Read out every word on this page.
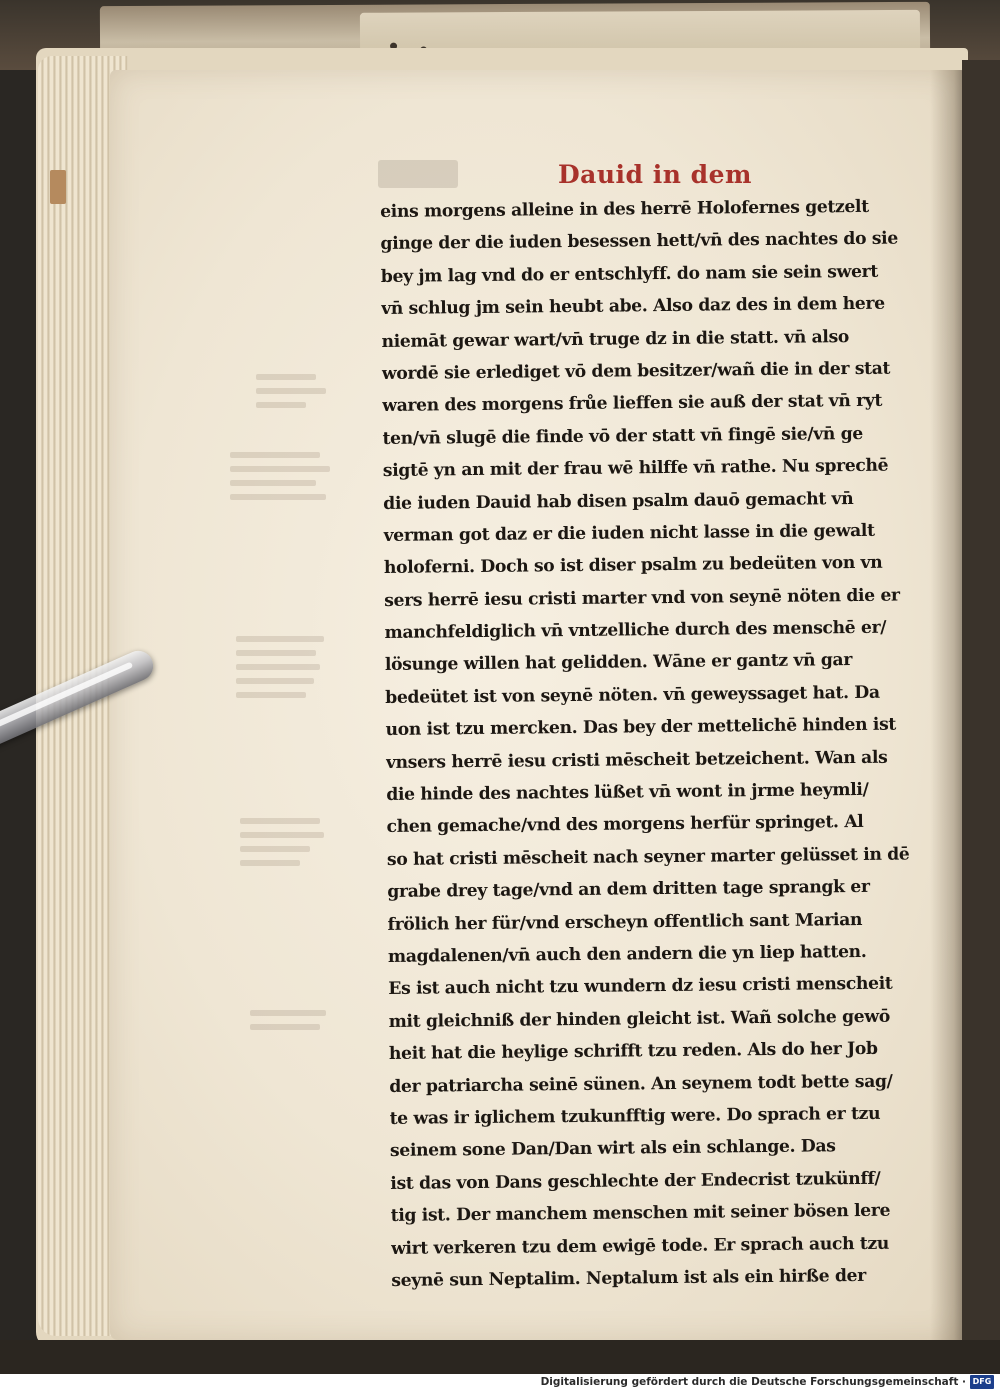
Dauid in dem
eins morgens alleine in des herrē Holofernes getzelt
ginge der die iuden besessen hett/vn̄ des nachtes do sie
bey jm lag vnd do er entschlyff. do nam sie sein swert
vn̄ schlug jm sein heubt abe. Also daz des in dem here
niemāt gewar wart/vn̄ truge dz in die statt. vn̄ also
wordē sie erlediget vō dem besitzer/wañ die in der stat
waren des morgens frůe lieffen sie auß der stat vn̄ ryt
ten/vn̄ slugē die finde vō der statt vn̄ fingē sie/vn̄ ge
sigtē yn an mit der frau wē hilffe vn̄ rathe. Nu sprechē
die iuden Dauid hab disen psalm dauō gemacht vn̄
verman got daz er die iuden nicht lasse in die gewalt
holoferni. Doch so ist diser psalm zu bedeüten von vn
sers herrē iesu cristi marter vnd von seynē nöten die er
manchfeldiglich vn̄ vntzelliche durch des menschē er/
lösunge willen hat gelidden. Wāne er gantz vn̄ gar
bedeütet ist von seynē nöten. vn̄ geweyssaget hat. Da
uon ist tzu mercken. Das bey der mettelichē hinden ist
vnsers herrē iesu cristi mēscheit betzeichent. Wan als
die hinde des nachtes lüßet vn̄ wont in jrme heymli/
chen gemache/vnd des morgens herfür springet. Al
so hat cristi mēscheit nach seyner marter gelüsset in dē
grabe drey tage/vnd an dem dritten tage sprangk er
frölich her für/vnd erscheyn offentlich sant Marian
magdalenen/vn̄ auch den andern die yn liep hatten.
Es ist auch nicht tzu wundern dz iesu cristi menscheit
mit gleichniß der hinden gleicht ist. Wañ solche gewō
heit hat die heylige schrifft tzu reden. Als do her Job
der patriarcha seinē sünen. An seynem todt bette sag/
te was ir iglichem tzukunfftig were. Do sprach er tzu
seinem sone Dan/Dan wirt als ein schlange. Das
ist das von Dans geschlechte der Endecrist tzukünff/
tig ist. Der manchem menschen mit seiner bösen lere
wirt verkeren tzu dem ewigē tode. Er sprach auch tzu
seynē sun Neptalim. Neptalum ist als ein hirße der
Digitalisierung gefördert durch die Deutsche Forschungsgemeinschaft · DFG
